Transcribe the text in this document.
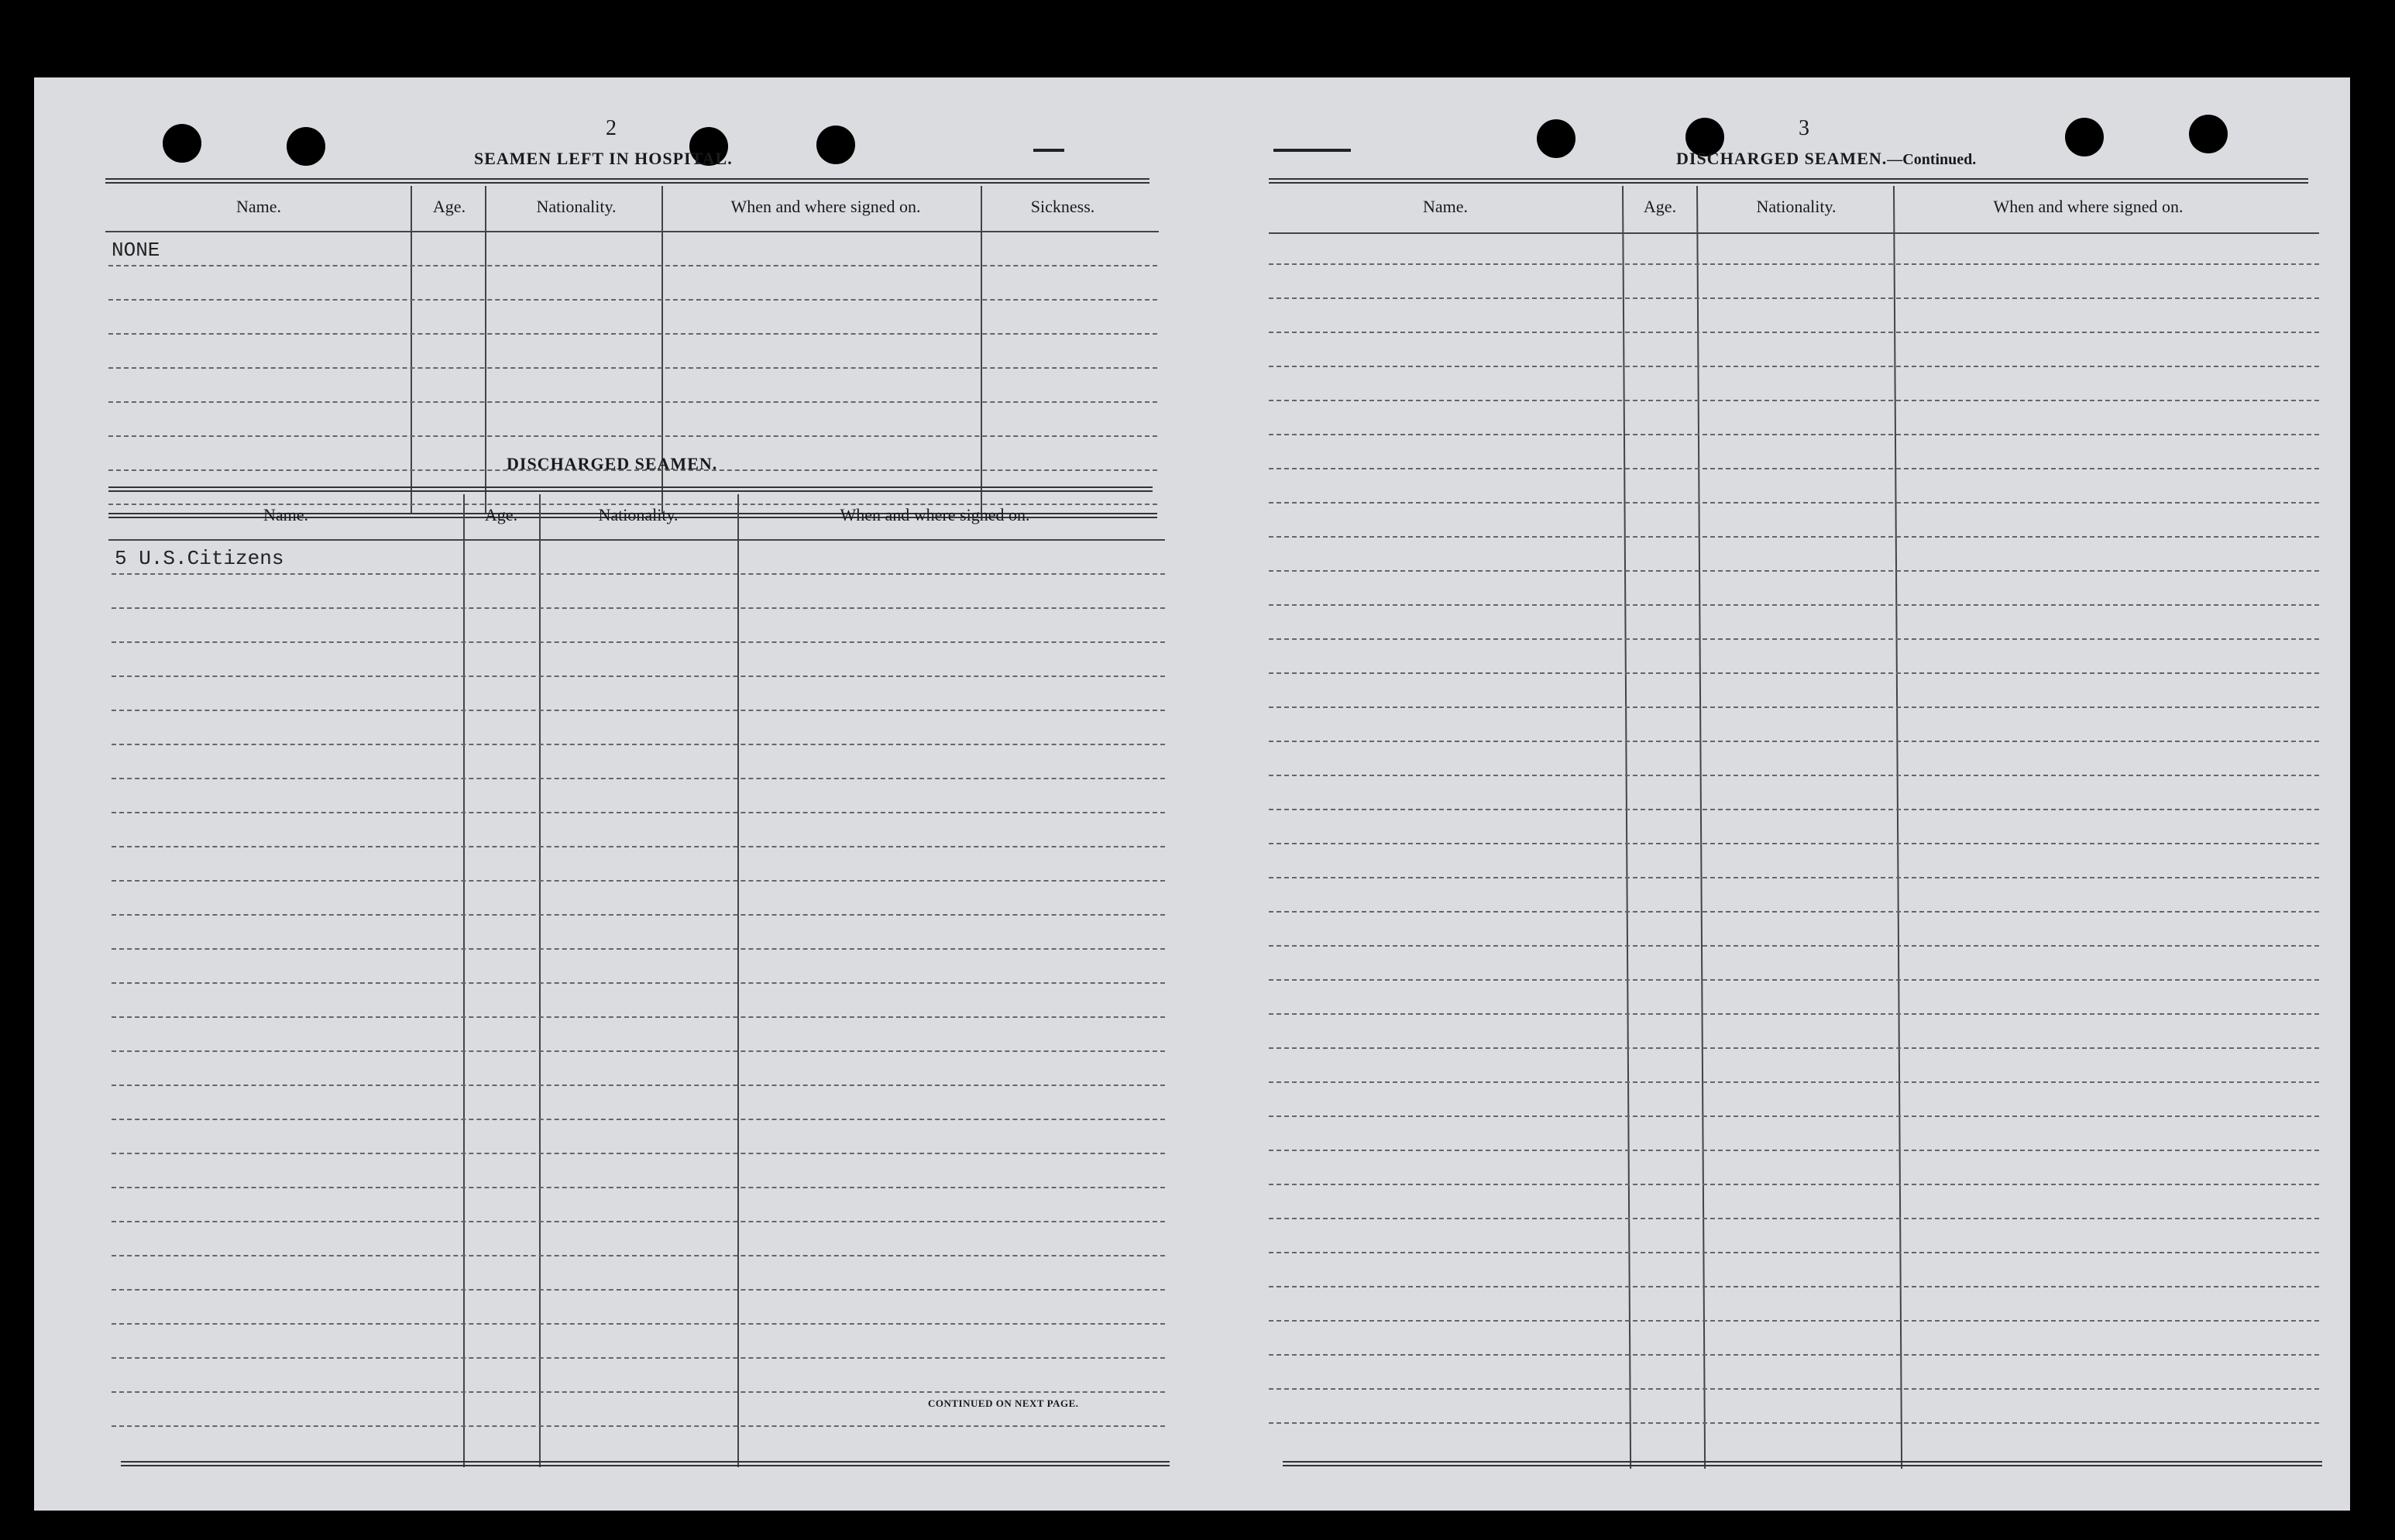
2
SEAMEN LEFT IN HOSPITAL.
Name.	Age.	Nationality.	When and where signed on.	Sickness.
NONE
DISCHARGED SEAMEN.
Name.	Age.	Nationality.	When and where signed on.
5 U.S.Citizens
CONTINUED ON NEXT PAGE.
3
DISCHARGED SEAMEN.—Continued.
Name.	Age.	Nationality.	When and where signed on.
